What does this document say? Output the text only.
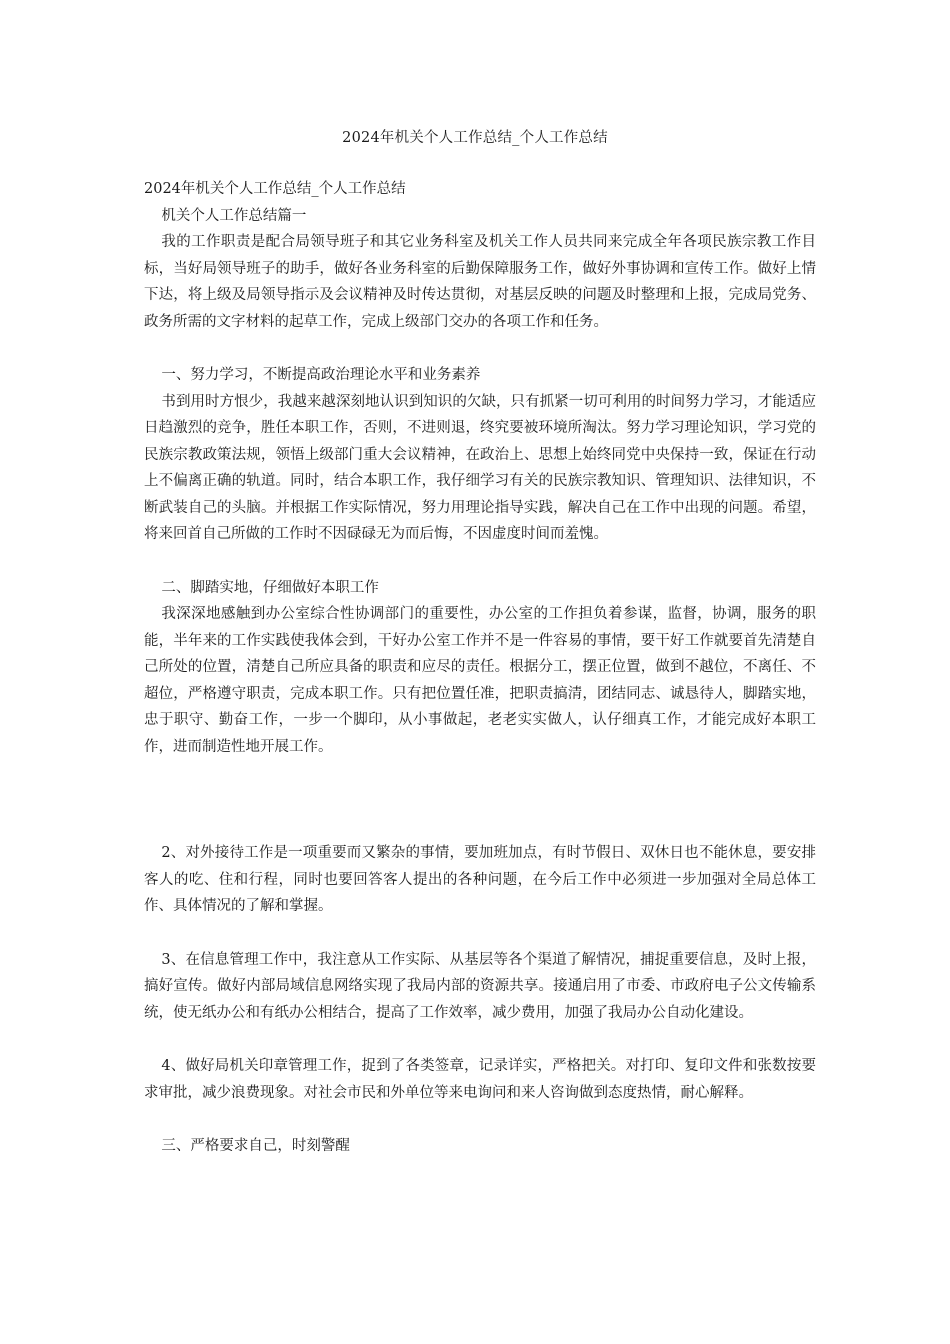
2024年机关个人工作总结_个人工作总结

2024年机关个人工作总结_个人工作总结

机关个人工作总结篇一

我的工作职责是配合局领导班子和其它业务科室及机关工作人员共同来完成全年各项民族宗教工作目标，当好局领导班子的助手，做好各业务科室的后勤保障服务工作，做好外事协调和宣传工作。做好上情下达，将上级及局领导指示及会议精神及时传达贯彻，对基层反映的问题及时整理和上报，完成局党务、政务所需的文字材料的起草工作，完成上级部门交办的各项工作和任务。

一、努力学习，不断提高政治理论水平和业务素养

书到用时方恨少，我越来越深刻地认识到知识的欠缺，只有抓紧一切可利用的时间努力学习，才能适应日趋激烈的竞争，胜任本职工作，否则，不进则退，终究要被环境所淘汰。努力学习理论知识，学习党的民族宗教政策法规，领悟上级部门重大会议精神，在政治上、思想上始终同党中央保持一致，保证在行动上不偏离正确的轨道。同时，结合本职工作，我仔细学习有关的民族宗教知识、管理知识、法律知识，不断武装自己的头脑。并根据工作实际情况，努力用理论指导实践，解决自己在工作中出现的问题。希望，将来回首自己所做的工作时不因碌碌无为而后悔，不因虚度时间而羞愧。

二、脚踏实地，仔细做好本职工作

我深深地感触到办公室综合性协调部门的重要性，办公室的工作担负着参谋，监督，协调，服务的职能，半年来的工作实践使我体会到，干好办公室工作并不是一件容易的事情，要干好工作就要首先清楚自己所处的位置，清楚自己所应具备的职责和应尽的责任。根据分工，摆正位置，做到不越位，不离任、不超位，严格遵守职责，完成本职工作。只有把位置任准，把职责搞清，团结同志、诚恳待人，脚踏实地，忠于职守、勤奋工作，一步一个脚印，从小事做起，老老实实做人，认仔细真工作，才能完成好本职工作，进而制造性地开展工作。

2、对外接待工作是一项重要而又繁杂的事情，要加班加点，有时节假日、双休日也不能休息，要安排客人的吃、住和行程，同时也要回答客人提出的各种问题，在今后工作中必须进一步加强对全局总体工作、具体情况的了解和掌握。

3、在信息管理工作中，我注意从工作实际、从基层等各个渠道了解情况，捕捉重要信息，及时上报，搞好宣传。做好内部局域信息网络实现了我局内部的资源共享。接通启用了市委、市政府电子公文传输系统，使无纸办公和有纸办公相结合，提高了工作效率，减少费用，加强了我局办公自动化建设。

4、做好局机关印章管理工作，捉到了各类签章，记录详实，严格把关。对打印、复印文件和张数按要求审批，减少浪费现象。对社会市民和外单位等来电询问和来人咨询做到态度热情，耐心解释。

三、严格要求自己，时刻警醒
